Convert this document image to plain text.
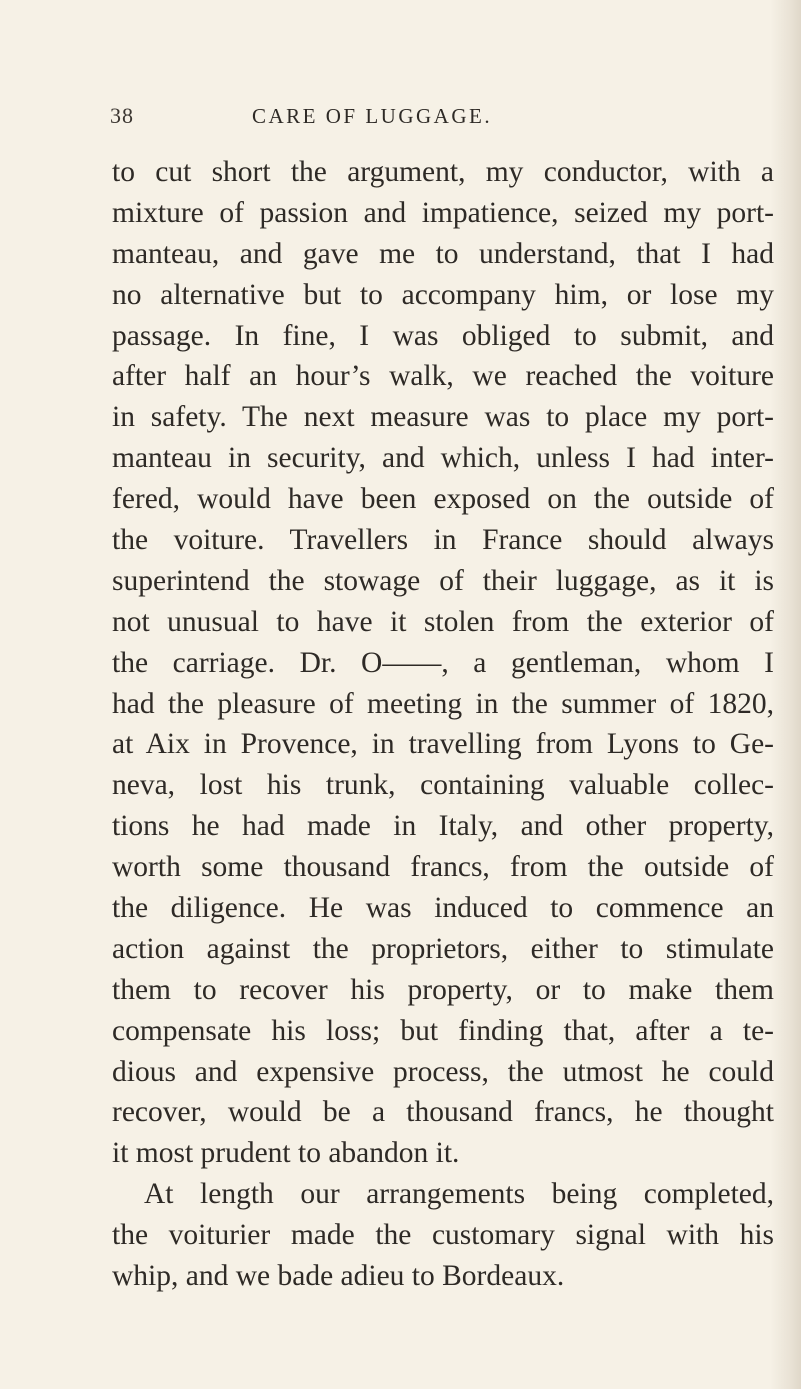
38	CARE OF LUGGAGE.
to cut short the argument, my conductor, with a
mixture of passion and impatience, seized my port-
manteau, and gave me to understand, that I had
no alternative but to accompany him, or lose my
passage. In fine, I was obliged to submit, and
after half an hour’s walk, we reached the voiture
in safety. The next measure was to place my port-
manteau in security, and which, unless I had inter-
fered, would have been exposed on the outside of
the voiture. Travellers in France should always
superintend the stowage of their luggage, as it is
not unusual to have it stolen from the exterior of
the carriage. Dr. O——, a gentleman, whom I
had the pleasure of meeting in the summer of 1820,
at Aix in Provence, in travelling from Lyons to Ge-
neva, lost his trunk, containing valuable collec-
tions he had made in Italy, and other property,
worth some thousand francs, from the outside of
the diligence. He was induced to commence an
action against the proprietors, either to stimulate
them to recover his property, or to make them
compensate his loss; but finding that, after a te-
dious and expensive process, the utmost he could
recover, would be a thousand francs, he thought
it most prudent to abandon it.
At length our arrangements being completed,
the voiturier made the customary signal with his
whip, and we bade adieu to Bordeaux.
